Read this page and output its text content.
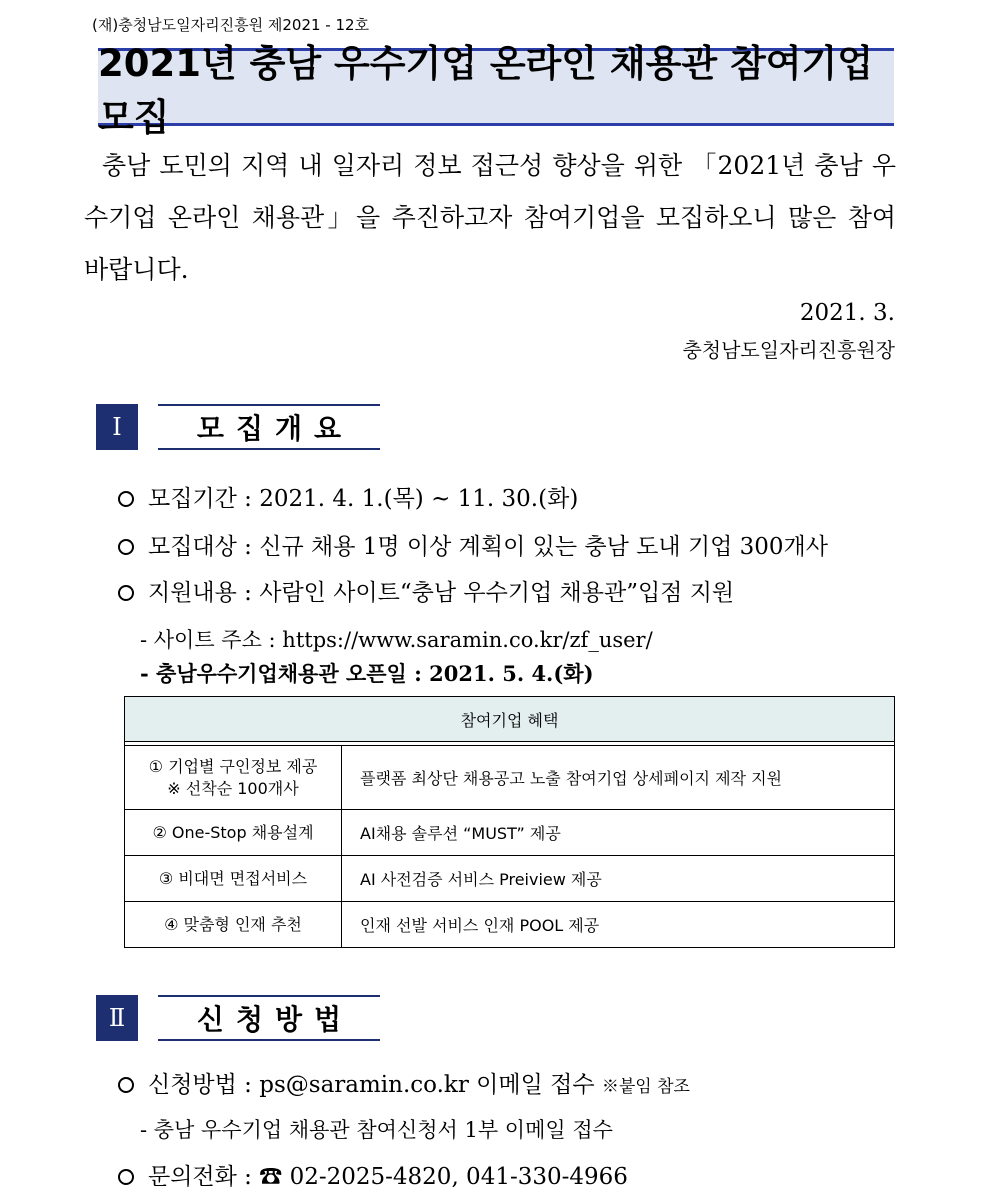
(재)충청남도일자리진흥원 제2021 - 12호
2021년 충남 우수기업 온라인 채용관 참여기업 모집
충남 도민의 지역 내 일자리 정보 접근성 향상을 위한 「2021년 충남 우수기업 온라인 채용관」을 추진하고자 참여기업을 모집하오니 많은 참여 바랍니다.
2021. 3.
충청남도일자리진흥원장
Ⅰ	모집개요
모집기간 : 2021. 4. 1.(목) ~ 11. 30.(화)
모집대상 : 신규 채용 1명 이상 계획이 있는 충남 도내 기업 300개사
지원내용 : 사람인 사이트“충남 우수기업 채용관”입점 지원
- 사이트 주소 : https://www.saramin.co.kr/zf_user/
- 충남우수기업채용관 오픈일 : 2021. 5. 4.(화)
참여기업 혜택	

① 기업별 구인정보 제공
※ 선착순 100개사	플랫폼 최상단 채용공고 노출 참여기업 상세페이지 제작 지원
② One-Stop 채용설계	AI채용 솔루션 “MUST” 제공
③ 비대면 면접서비스	AI 사전검증 서비스 Preiview 제공
④ 맞춤형 인재 추천	인재 선발 서비스 인재 POOL 제공
Ⅱ	신청방법
신청방법 : ps@saramin.co.kr 이메일 접수 ※붙임 참조
- 충남 우수기업 채용관 참여신청서 1부 이메일 접수
문의전화 : ☎ 02-2025-4820, 041-330-4966
